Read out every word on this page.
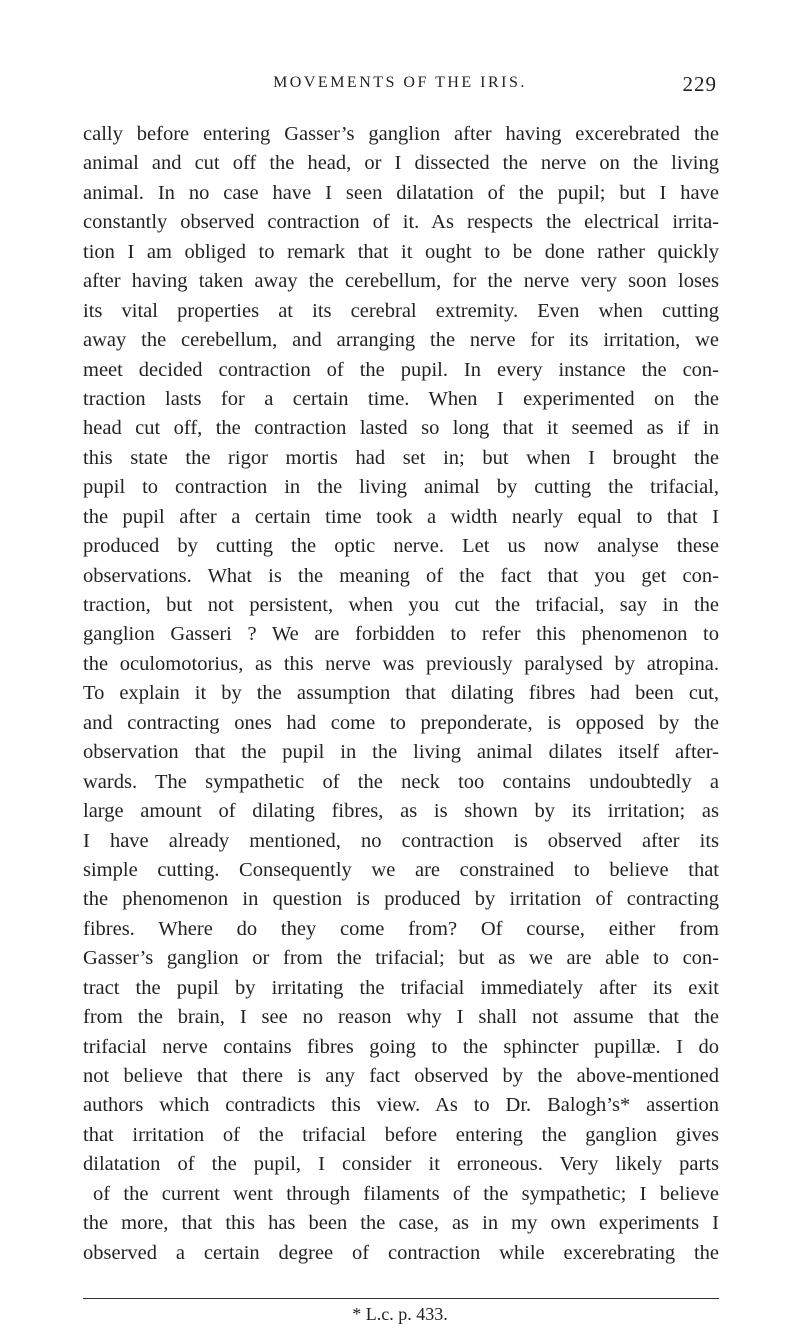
MOVEMENTS OF THE IRIS.	229
cally before entering Gasser’s ganglion after having excerebrated the
animal and cut off the head, or I dissected the nerve on the living
animal. In no case have I seen dilatation of the pupil; but I have
constantly observed contraction of it. As respects the electrical irrita-
tion I am obliged to remark that it ought to be done rather quickly
after having taken away the cerebellum, for the nerve very soon loses
its vital properties at its cerebral extremity. Even when cutting
away the cerebellum, and arranging the nerve for its irritation, we
meet decided contraction of the pupil. In every instance the con-
traction lasts for a certain time. When I experimented on the
head cut off, the contraction lasted so long that it seemed as if in
this state the rigor mortis had set in; but when I brought the
pupil to contraction in the living animal by cutting the trifacial,
the pupil after a certain time took a width nearly equal to that I
produced by cutting the optic nerve. Let us now analyse these
observations. What is the meaning of the fact that you get con-
traction, but not persistent, when you cut the trifacial, say in the
ganglion Gasseri ? We are forbidden to refer this phenomenon to
the oculomotorius, as this nerve was previously paralysed by atropina.
To explain it by the assumption that dilating fibres had been cut,
and contracting ones had come to preponderate, is opposed by the
observation that the pupil in the living animal dilates itself after-
wards. The sympathetic of the neck too contains undoubtedly a
large amount of dilating fibres, as is shown by its irritation; as
I have already mentioned, no contraction is observed after its
simple cutting. Consequently we are constrained to believe that
the phenomenon in question is produced by irritation of contracting
fibres. Where do they come from? Of course, either from
Gasser’s ganglion or from the trifacial; but as we are able to con-
tract the pupil by irritating the trifacial immediately after its exit
from the brain, I see no reason why I shall not assume that the
trifacial nerve contains fibres going to the sphincter pupillæ. I do
not believe that there is any fact observed by the above-mentioned
authors which contradicts this view. As to Dr. Balogh’s* assertion
that irritation of the trifacial before entering the ganglion gives
dilatation of the pupil, I consider it erroneous. Very likely parts
of the current went through filaments of the sympathetic; I believe
the more, that this has been the case, as in my own experiments I
observed a certain degree of contraction while excerebrating the
* L.c. p. 433.
